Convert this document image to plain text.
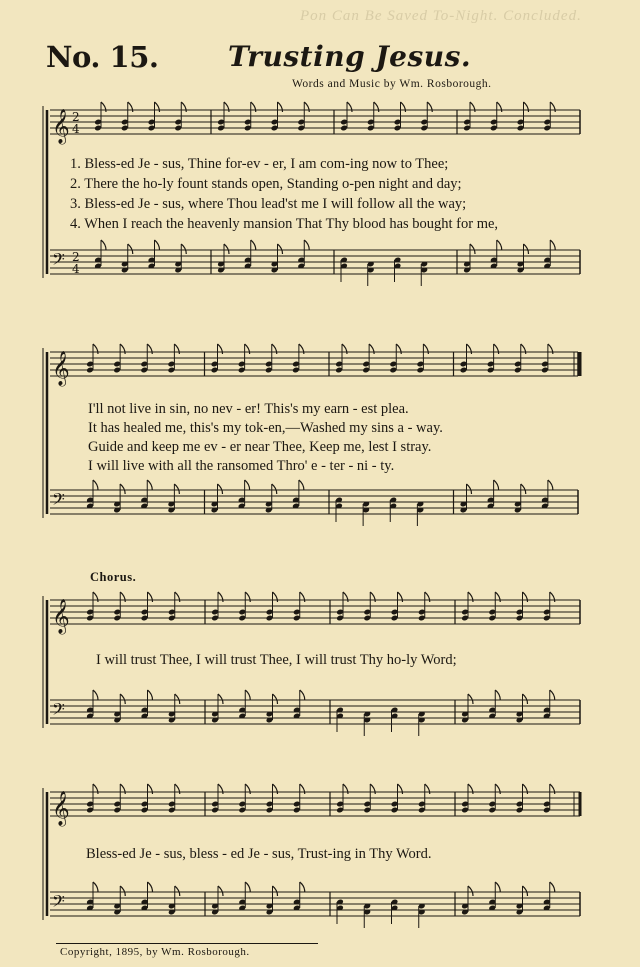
Pon Can Be Saved To-Night. Concluded.
No. 15. Trusting Jesus.
Words and Music by Wm. Rosborough.
𝄞
𝄢
2
4
2
4
𝄞
𝄢
𝄞
𝄢
𝄞
𝄢
1. Bless-ed Je - sus, Thine for-ev - er, I am com-ing now to Thee;
2. There the ho-ly fount stands open, Standing o-pen night and day;
3. Bless-ed Je - sus, where Thou lead'st me I will follow all the way;
4. When I reach the heavenly mansion That Thy blood has bought for me,
I'll not live in sin, no nev - er! This's my earn - est plea.
It has healed me, this's my tok-en,—Washed my sins a - way.
Guide and keep me ev - er near Thee, Keep me, lest I stray.
I will live with all the ransomed Thro' e - ter - ni - ty.
Chorus.
I will trust Thee, I will trust Thee, I will trust Thy ho-ly Word;
Bless-ed Je - sus, bless - ed Je - sus, Trust-ing in Thy Word.
Copyright, 1895, by Wm. Rosborough.
